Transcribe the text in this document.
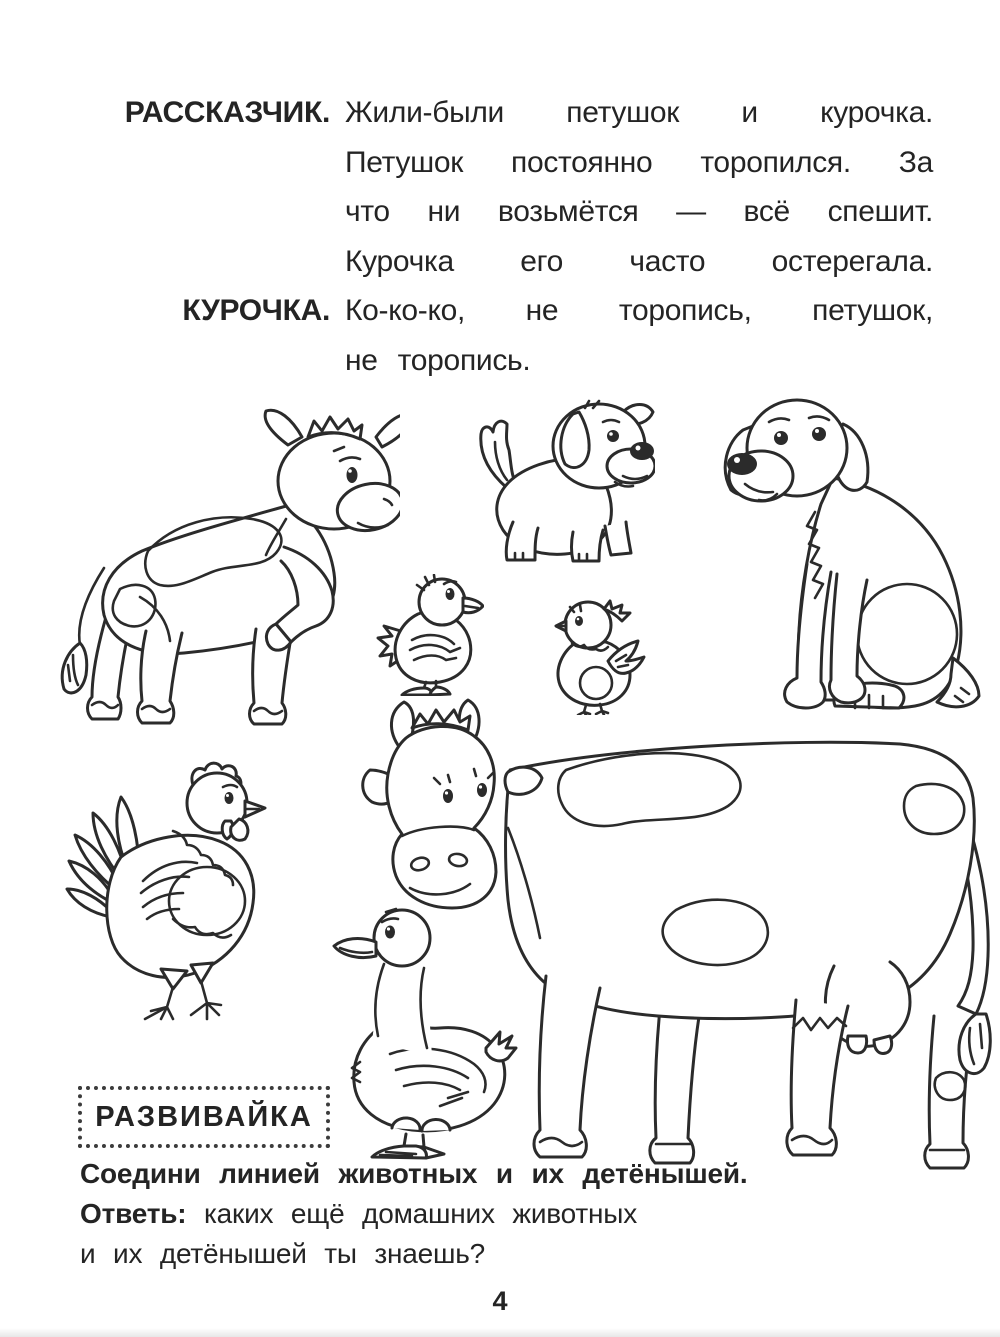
РАССКАЗЧИК.
КУРОЧКА.
Жили-были петушок и курочка.
Петушок постоянно торопился. За
что ни возьмётся — всё спешит.
Курочка его часто остерегала.
Ко-ко-ко, не торопись, петушок,
не торопись.
РАЗВИВАЙКА
Соедини линией животных и их детёнышей.
Ответь: каких ещё домашних животных
и их детёнышей ты знаешь?
4
